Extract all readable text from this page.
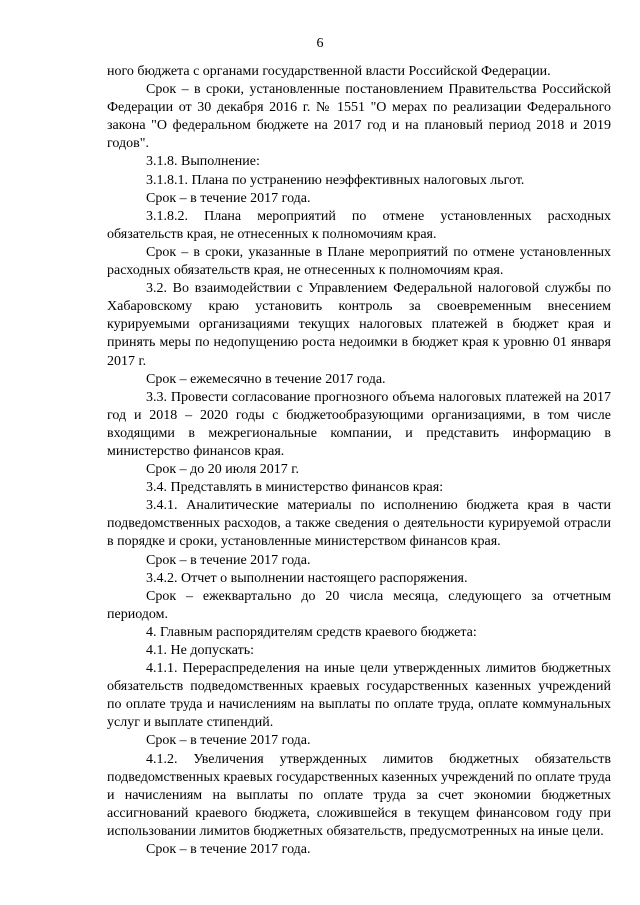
6

ного бюджета с органами государственной власти Российской Федерации.

Срок – в сроки, установленные постановлением Правительства Российской Федерации от 30 декабря 2016 г. № 1551 "О мерах по реализации Федерального закона "О федеральном бюджете на 2017 год и на плановый период 2018 и 2019 годов".

3.1.8. Выполнение:

3.1.8.1. Плана по устранению неэффективных налоговых льгот.

Срок – в течение 2017 года.

3.1.8.2. Плана мероприятий по отмене установленных расходных обязательств края, не отнесенных к полномочиям края.

Срок – в сроки, указанные в Плане мероприятий по отмене установленных расходных обязательств края, не отнесенных к полномочиям края.

3.2. Во взаимодействии с Управлением Федеральной налоговой службы по Хабаровскому краю установить контроль за своевременным внесением курируемыми организациями текущих налоговых платежей в бюджет края и принять меры по недопущению роста недоимки в бюджет края к уровню 01 января 2017 г.

Срок – ежемесячно в течение 2017 года.

3.3. Провести согласование прогнозного объема налоговых платежей на 2017 год и 2018 – 2020 годы с бюджетообразующими организациями, в том числе входящими в межрегиональные компании, и представить информацию в министерство финансов края.

Срок – до 20 июля 2017 г.

3.4. Представлять в министерство финансов края:

3.4.1. Аналитические материалы по исполнению бюджета края в части подведомственных расходов, а также сведения о деятельности курируемой отрасли в порядке и сроки, установленные министерством финансов края.

Срок – в течение 2017 года.

3.4.2. Отчет о выполнении настоящего распоряжения.

Срок – ежеквартально до 20 числа месяца, следующего за отчетным периодом.

4. Главным распорядителям средств краевого бюджета:

4.1. Не допускать:

4.1.1. Перераспределения на иные цели утвержденных лимитов бюджетных обязательств подведомственных краевых государственных казенных учреждений по оплате труда и начислениям на выплаты по оплате труда, оплате коммунальных услуг и выплате стипендий.

Срок – в течение 2017 года.

4.1.2. Увеличения утвержденных лимитов бюджетных обязательств подведомственных краевых государственных казенных учреждений по оплате труда и начислениям на выплаты по оплате труда за счет экономии бюджетных ассигнований краевого бюджета, сложившейся в текущем финансовом году при использовании лимитов бюджетных обязательств, предусмотренных на иные цели.

Срок – в течение 2017 года.
